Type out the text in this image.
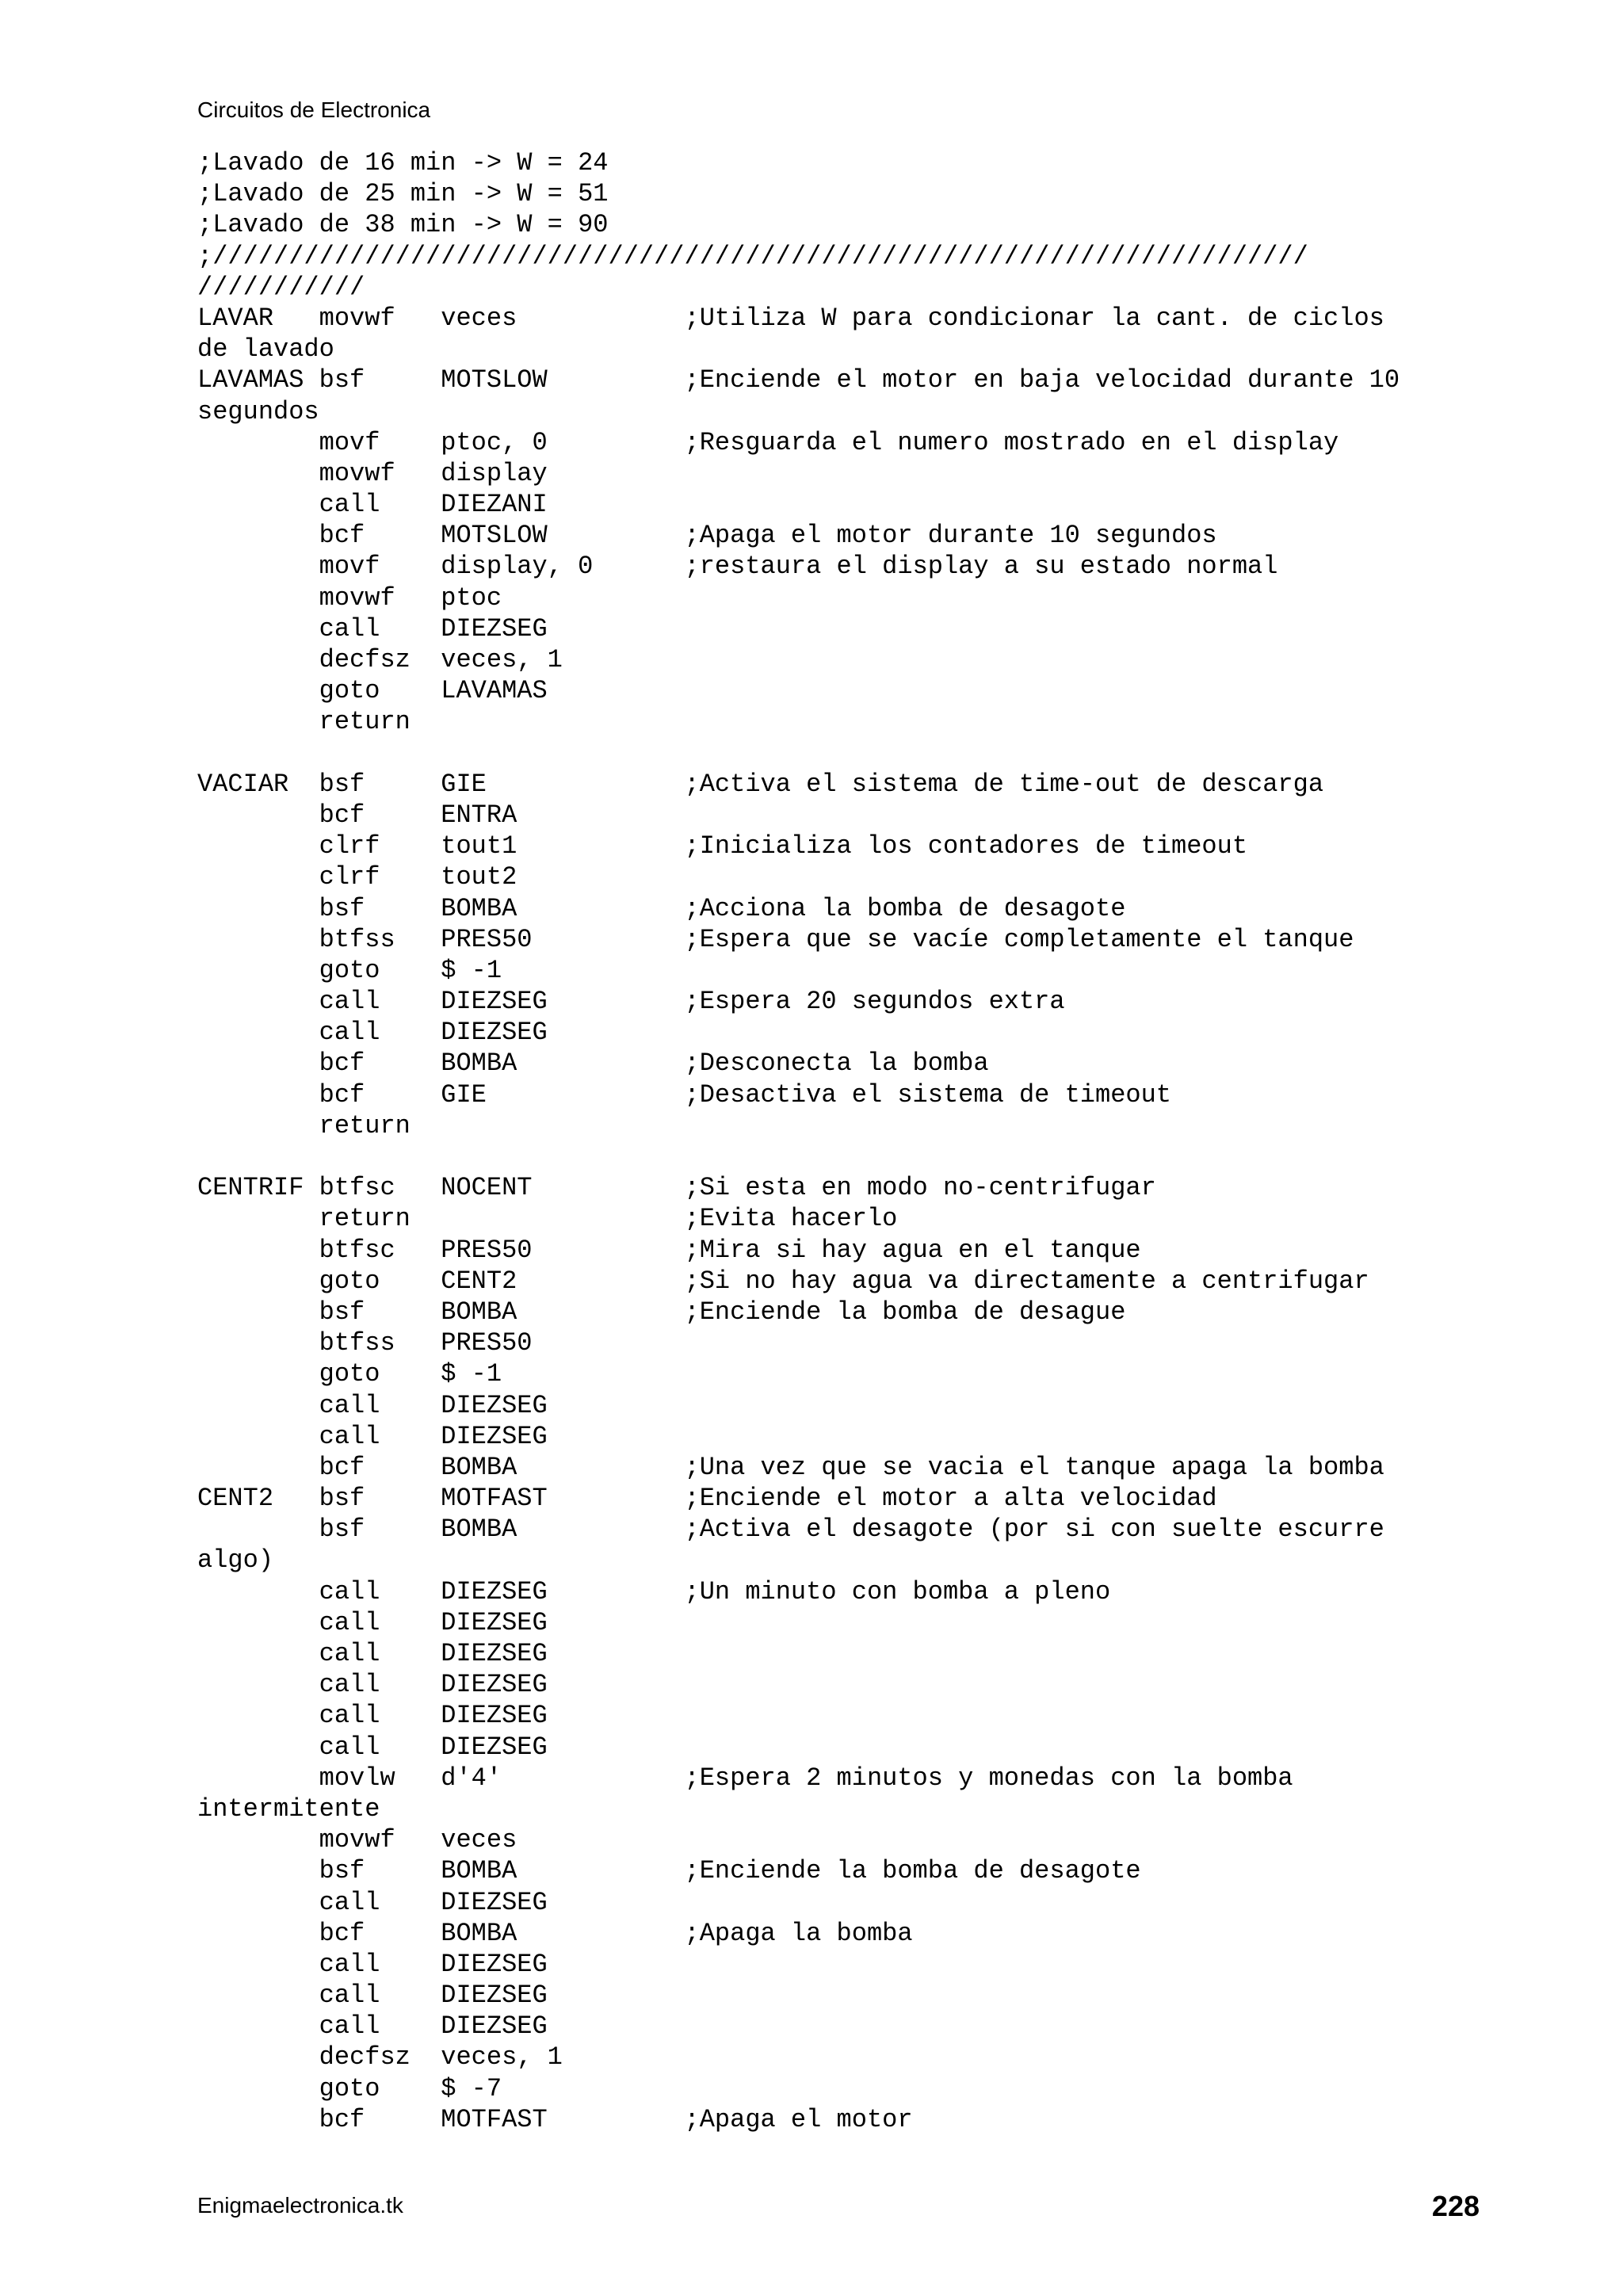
Circuitos de Electronica
;Lavado de 16 min -> W = 24
;Lavado de 25 min -> W = 51
;Lavado de 38 min -> W = 90
;////////////////////////////////////////////////////////////////////////
///////////
LAVAR   movwf   veces           ;Utiliza W para condicionar la cant. de ciclos
de lavado
LAVAMAS bsf     MOTSLOW         ;Enciende el motor en baja velocidad durante 10
segundos
movf    ptoc, 0         ;Resguarda el numero mostrado en el display
movwf   display
call    DIEZANI
bcf     MOTSLOW         ;Apaga el motor durante 10 segundos
movf    display, 0      ;restaura el display a su estado normal
movwf   ptoc
call    DIEZSEG
decfsz  veces, 1
goto    LAVAMAS
return
VACIAR  bsf     GIE             ;Activa el sistema de time-out de descarga
bcf     ENTRA
clrf    tout1           ;Inicializa los contadores de timeout
clrf    tout2
bsf     BOMBA           ;Acciona la bomba de desagote
btfss   PRES50          ;Espera que se vacíe completamente el tanque
goto    $ -1
call    DIEZSEG         ;Espera 20 segundos extra
call    DIEZSEG
bcf     BOMBA           ;Desconecta la bomba
bcf     GIE             ;Desactiva el sistema de timeout
return
CENTRIF btfsc   NOCENT          ;Si esta en modo no-centrifugar
return                  ;Evita hacerlo
btfsc   PRES50          ;Mira si hay agua en el tanque
goto    CENT2           ;Si no hay agua va directamente a centrifugar
bsf     BOMBA           ;Enciende la bomba de desague
btfss   PRES50
goto    $ -1
call    DIEZSEG
call    DIEZSEG
bcf     BOMBA           ;Una vez que se vacia el tanque apaga la bomba
CENT2   bsf     MOTFAST         ;Enciende el motor a alta velocidad
bsf     BOMBA           ;Activa el desagote (por si con suelte escurre
algo)
call    DIEZSEG         ;Un minuto con bomba a pleno
call    DIEZSEG
call    DIEZSEG
call    DIEZSEG
call    DIEZSEG
call    DIEZSEG
movlw   d'4'            ;Espera 2 minutos y monedas con la bomba
intermitente
movwf   veces
bsf     BOMBA           ;Enciende la bomba de desagote
call    DIEZSEG
bcf     BOMBA           ;Apaga la bomba
call    DIEZSEG
call    DIEZSEG
call    DIEZSEG
decfsz  veces, 1
goto    $ -7
bcf     MOTFAST         ;Apaga el motor
Enigmaelectronica.tk	228
